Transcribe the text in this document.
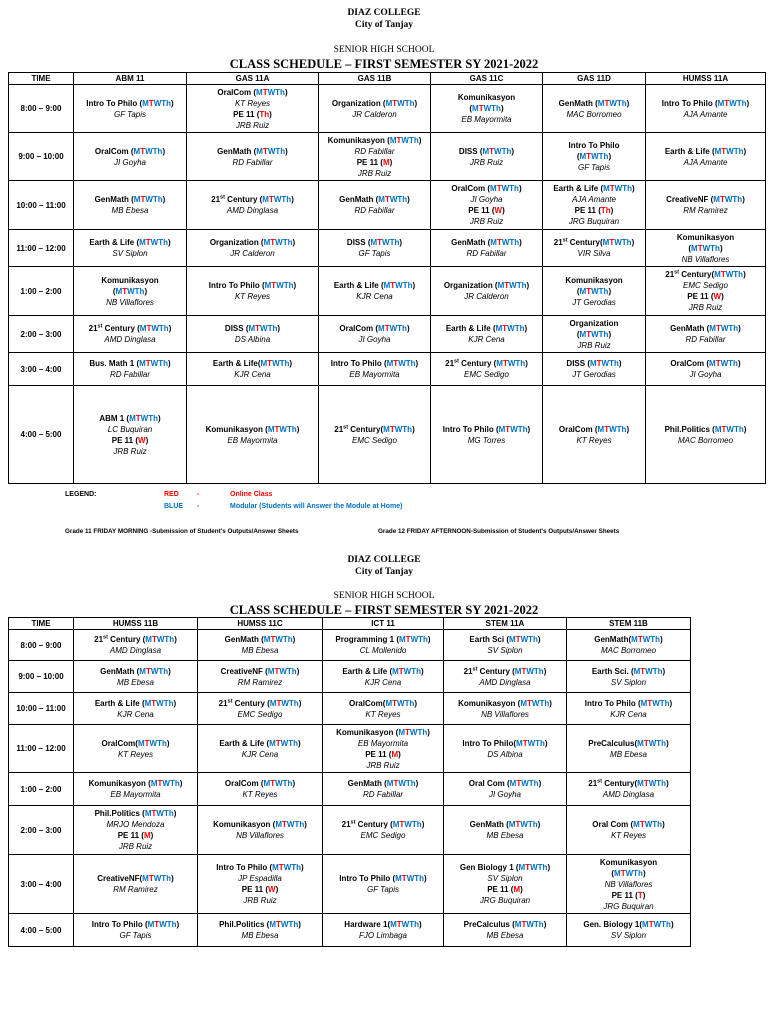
DIAZ COLLEGE
City of Tanjay
SENIOR HIGH SCHOOL
CLASS SCHEDULE – FIRST SEMESTER SY 2021-2022
TIME	ABM 11	GAS 11A	GAS 11B	GAS 11C	GAS 11D	HUMSS 11A
8:00 – 9:00	Intro To Philo (MTWTh)
GF Tapis	OralCom (MTWTh)
KT Reyes
PE 11 (Th)
JRB Ruiz	Organization (MTWTh)
JR Calderon	Komunikasyon
(MTWTh)
EB Mayormita	GenMath (MTWTh)
MAC Borromeo	Intro To Philo (MTWTh)
AJA Amante

9:00 – 10:00	OralCom (MTWTh)
JI Goyha	GenMath (MTWTh)
RD Fabillar	Komunikasyon (MTWTh)
RD Fabillar
PE 11 (M)
JRB Ruiz	DISS (MTWTh)
JRB Ruiz	Intro To Philo
(MTWTh)
GF Tapis	Earth & Life (MTWTh)
AJA Amante

10:00 – 11:00	GenMath (MTWTh)
MB Ebesa	21st Century (MTWTh)
AMD Dinglasa	GenMath (MTWTh)
RD Fabillar	OralCom (MTWTh)
JI Goyha
PE 11 (W)
JRB Ruiz	Earth & Life (MTWTh)
AJA Amante
PE 11 (Th)
JRG Buquiran	CreativeNF (MTWTh)
RM Ramirez

11:00 – 12:00	Earth & Life (MTWTh)
SV Siplon	Organization (MTWTh)
JR Calderon	DISS (MTWTh)
GF Tapis	GenMath (MTWTh)
RD Fabillar	21st Century(MTWTh)
VIR Silva	Komunikasyon
(MTWTh)
NB Villaflores

1:00 – 2:00	Komunikasyon
(MTWTh)
NB Villaflores	Intro To Philo (MTWTh)
KT Reyes	Earth & Life (MTWTh)
KJR Cena	Organization (MTWTh)
JR Calderon	Komunikasyon
(MTWTh)
JT Gerodias	21st Century(MTWTh)
EMC Sedigo
PE 11 (W)
JRB Ruiz

2:00 – 3:00	21st Century (MTWTh)
AMD Dinglasa	DISS (MTWTh)
DS Albina	OralCom (MTWTh)
JI Goyha	Earth & Life (MTWTh)
KJR Cena	Organization
(MTWTh)
JRB Ruiz	GenMath (MTWTh)
RD Fabillar

3:00 – 4:00	Bus. Math 1 (MTWTh)
RD Fabillar	Earth & Life(MTWTh)
KJR Cena	Intro To Philo (MTWTh)
EB Mayormita	21st Century (MTWTh)
EMC Sedigo	DISS (MTWTh)
JT Gerodias	OralCom (MTWTh)
JI Goyha

4:00 – 5:00	ABM 1 (MTWTh)
LC Buquiran
PE 11 (W)
JRB Ruiz	Komunikasyon (MTWTh)
EB Mayormita	21st Century(MTWTh)
EMC Sedigo	Intro To Philo (MTWTh)
MG Torres	OralCom (MTWTh)
KT Reyes	Phil.Politics (MTWTh)
MAC Borromeo
LEGEND:	RED	-	Online Class
BLUE -	Modular (Students will Answer the Module at Home)
Grade 11 FRIDAY MORNING -Submission of Student's Outputs/Answer Sheets	Grade 12 FRIDAY AFTERNOON-Submission of Student's Outputs/Answer Sheets
DIAZ COLLEGE
City of Tanjay
SENIOR HIGH SCHOOL
CLASS SCHEDULE – FIRST SEMESTER SY 2021-2022
TIME	HUMSS 11B	HUMSS 11C	ICT 11	STEM 11A	STEM 11B
8:00 – 9:00	21st Century (MTWTh)
AMD Dinglasa	GenMath (MTWTh)
MB Ebesa	Programming 1 (MTWTh)
CL Mollenido	Earth Sci (MTWTh)
SV Siplon	GenMath(MTWTh)
MAC Borromeo

9:00 – 10:00	GenMath (MTWTh)
MB Ebesa	CreativeNF (MTWTh)
RM Ramirez	Earth & Life (MTWTh)
KJR Cena	21st Century (MTWTh)
AMD Dinglasa	Earth Sci. (MTWTh)
SV Siplon

10:00 – 11:00	Earth & Life (MTWTh)
KJR Cena	21st Century (MTWTh)
EMC Sedigo	OralCom(MTWTh)
KT Reyes	Komunikasyon (MTWTh)
NB Villaflores	Intro To Philo (MTWTh)
KJR Cena

11:00 – 12:00	OralCom(MTWTh)
KT Reyes	Earth & Life (MTWTh)
KJR Cena	Komunikasyon (MTWTh)
EB Mayormita
PE 11 (M)
JRB Ruiz	Intro To Philo(MTWTh)
DS Albina	PreCalculus(MTWTh)
MB Ebesa

1:00 – 2:00	Komunikasyon (MTWTh)
EB Mayormita	OralCom (MTWTh)
KT Reyes	GenMath (MTWTh)
RD Fabillar	Oral Com (MTWTh)
JI Goyha	21st Century(MTWTh)
AMD Dinglasa

2:00 – 3:00	Phil.Politics (MTWTh)
MRJO Mendoza
PE 11 (M)
JRB Ruiz	Komunikasyon (MTWTh)
NB Villaflores	21st Century (MTWTh)
EMC Sedigo	GenMath (MTWTh)
MB Ebesa	Oral Com (MTWTh)
KT Reyes

3:00 – 4:00	CreativeNF(MTWTh)
RM Ramirez	Intro To Philo (MTWTh)
JP Espadilla
PE 11 (W)
JRB Ruiz	Intro To Philo (MTWTh)
GF Tapis	Gen Biology 1 (MTWTh)
SV Siplon
PE 11 (M)
JRG Buquiran	Komunikasyon
(MTWTh)
NB Villaflores
PE 11 (T)
JRG Buquiran

4:00 – 5:00	Intro To Philo (MTWTh)
GF Tapis	Phil.Politics (MTWTh)
MB Ebesa	Hardware 1(MTWTh)
FJO Limbaga	PreCalculus (MTWTh)
MB Ebesa	Gen. Biology 1(MTWTh)
SV Siplon
